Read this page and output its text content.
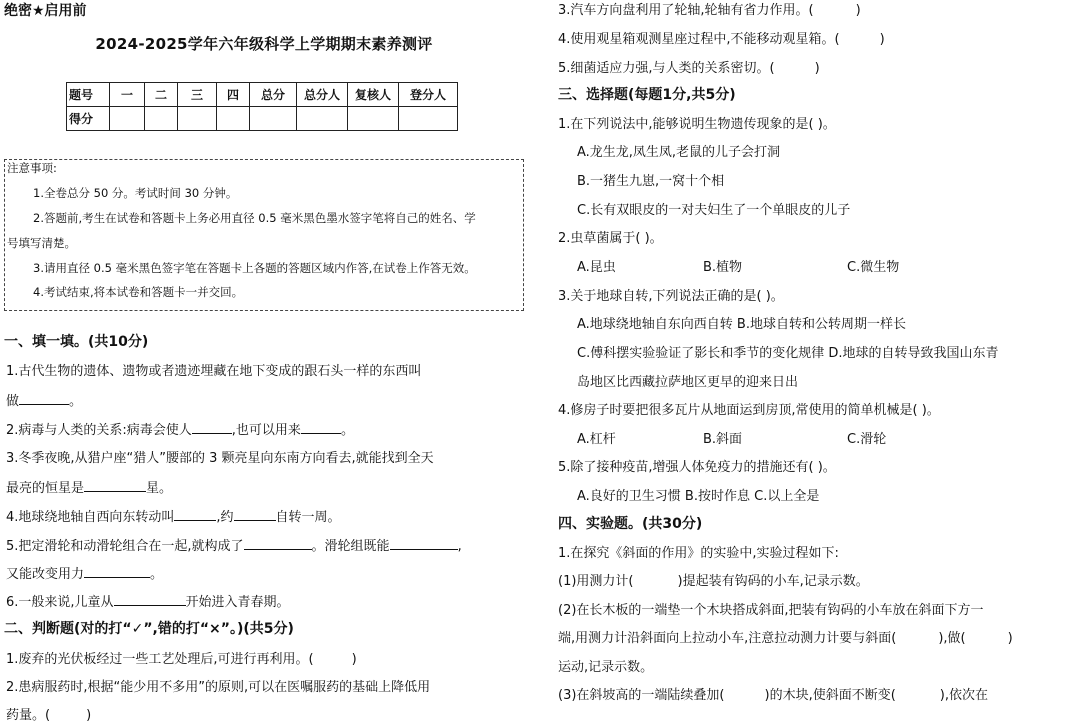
绝密★启用前
2024-2025学年六年级科学上学期期末素养测评
题号	一	二	三	四	总分	总分人	复核人	登分人
得分								
注意事项:
1.全卷总分 50 分。考试时间 30 分钟。
2.答题前,考生在试卷和答题卡上务必用直径 0.5 毫米黑色墨水签字笔将自己的姓名、学
号填写清楚。
3.请用直径 0.5 毫米黑色签字笔在答题卡上各题的答题区域内作答,在试卷上作答无效。
4.考试结束,将本试卷和答题卡一并交回。
一、填一填。(共10分)
1.古代生物的遗体、遗物或者遗迹埋藏在地下变成的跟石头一样的东西叫
做	。
2.病毒与人类的关系:病毒会使人	,也可以用来	。
3.冬季夜晚,从猎户座“猎人”腰部的 3 颗亮星向东南方向看去,就能找到全天
最亮的恒星是	星。
4.地球绕地轴自西向东转动叫	,约	自转一周。
5.把定滑轮和动滑轮组合在一起,就构成了	。滑轮组既能	,
又能改变用力	。
6.一般来说,儿童从	开始进入青春期。
二、判断题(对的打“✓”,错的打“×”。)(共5分)
1.废弃的光伏板经过一些工艺处理后,可进行再利用。(	)
2.患病服药时,根据“能少用不多用”的原则,可以在医嘱服药的基础上降低用
药量。(	)
3.汽车方向盘利用了轮轴,轮轴有省力作用。(	)
4.使用观星箱观测星座过程中,不能移动观星箱。(	)
5.细菌适应力强,与人类的关系密切。(	)
三、选择题(每题1分,共5分)
1.在下列说法中,能够说明生物遗传现象的是( )。
A.龙生龙,凤生凤,老鼠的儿子会打洞
B.一猪生九崽,一窝十个相
C.长有双眼皮的一对夫妇生了一个单眼皮的儿子
2.虫草菌属于( )。
A.昆虫	B.植物	C.微生物
3.关于地球自转,下列说法正确的是( )。
A.地球绕地轴自东向西自转 B.地球自转和公转周期一样长
C.傅科摆实验验证了影长和季节的变化规律 D.地球的自转导致我国山东青
岛地区比西藏拉萨地区更早的迎来日出
4.修房子时要把很多瓦片从地面运到房顶,常使用的简单机械是( )。
A.杠杆	B.斜面	C.滑轮
5.除了接种疫苗,增强人体免疫力的措施还有( )。
A.良好的卫生习惯 B.按时作息 C.以上全是
四、实验题。(共30分)
1.在探究《斜面的作用》的实验中,实验过程如下:
(1)用测力计(	)提起装有钩码的小车,记录示数。
(2)在长木板的一端垫一个木块搭成斜面,把装有钩码的小车放在斜面下方一
端,用测力计沿斜面向上拉动小车,注意拉动测力计要与斜面(	),做(	)
运动,记录示数。
(3)在斜坡高的一端陆续叠加(	)的木块,使斜面不断变(	),依次在
